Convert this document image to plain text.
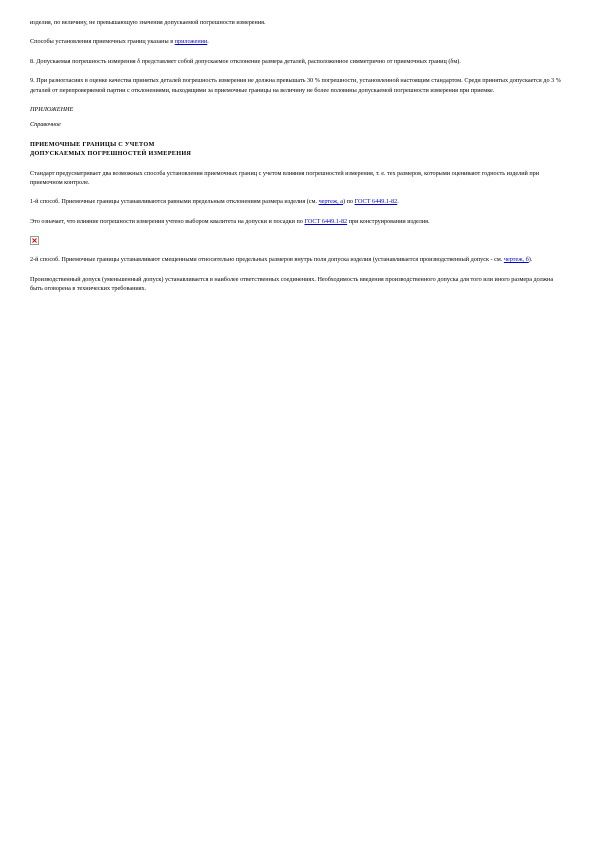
изделия, по величину, не превышающую значения допускаемой погрешности измерения.

Способы установления приемочных границ указаны в приложении.

8. Допускаемая погрешность измерения δ представляет собой допускаемое отклонение размера деталей, расположенное симметрично от приемочных границ (δм).

9. При разногласиях в оценке качества принятых деталей погрешность измерения не должна превышать 30 % погрешности, установленной настоящим стандартом. Среди принятых допускается до 3 % деталей от перепроверяемой партии с отклонениями, выходящими за приемочные границы на величину не более половины допускаемой погрешности измерения при приемке.

ПРИЛОЖЕНИЕ

Справочное

ПРИЕМОЧНЫЕ ГРАНИЦЫ С УЧЕТОМ

ДОПУСКАЕМЫХ ПОГРЕШНОСТЕЙ ИЗМЕРЕНИЯ

Стандарт предусматривает два возможных способа установления приемочных границ с учетом влияния погрешностей измерения, т. е. тех размеров, которыми оценивают годность изделий при приемочном контроле.

1-й способ. Приемочные границы устанавливаются равными предельным отклонениям размера изделия (см. чертеж, а) по ГОСТ 6449.1-82.

Это означает, что влияние погрешности измерения учтено выбором квалитета на допуски и посадки по ГОСТ 6449.1-82 при конструировании изделия.

2-й способ. Приемочные границы устанавливают смещенными относительно предельных размеров внутрь поля допуска изделия (устанавливается производственный допуск - см. чертеж, б).

Производственный допуск (уменьшенный допуск) устанавливается в наиболее ответственных соединениях. Необходимость введения производственного допуска для того или иного размера должна быть оговорена в технических требованиях.
